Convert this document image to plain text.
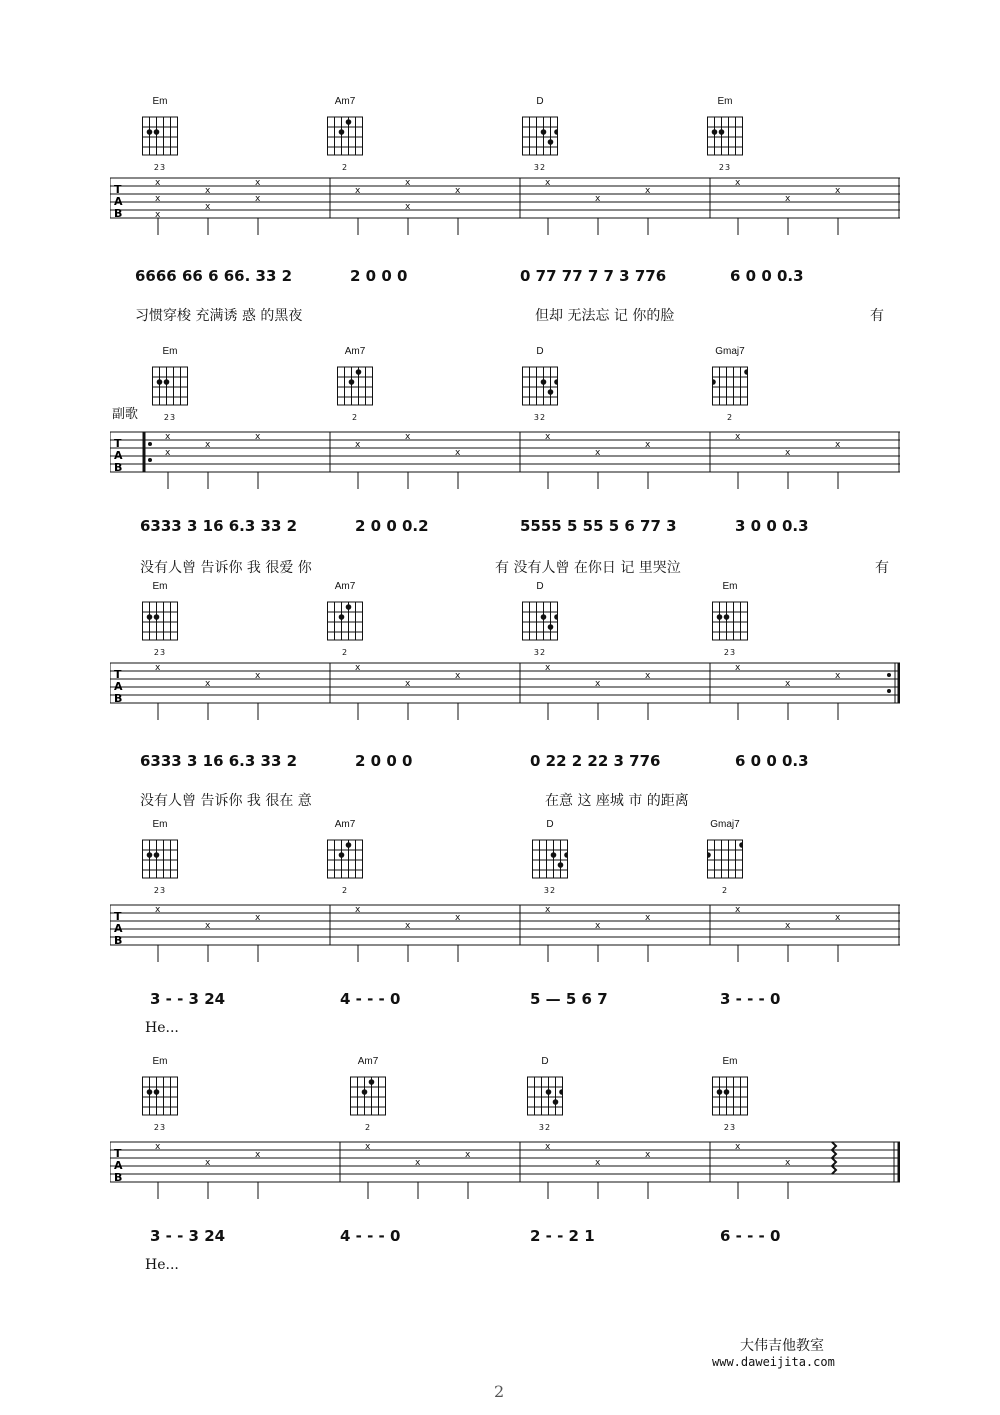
Em
23
Am7
2
D
32
Em
23
T
A
B
x
x
x
x
x
x
x
x
x
x
x
x
x
x
x
x
x
6666 66 6 66. 33 2	2 0 0 0	0 77 77 7 7 3 776	6 0 0 0.3
习惯穿梭 充满诱 惑 的黑夜	但却 无法忘 记 你的脸	有
副歌
Em
23
Am7
2
D
32
Gmaj7
2
T
A
B
x
x
x
x
x
x
x
x
x
x
x
x
x
6333 3 16 6.3 33 2	2 0 0 0.2	5555 5 55 5 6 77 3	3 0 0 0.3
没有人曾 告诉你 我 很爱 你	有 没有人曾 在你日 记 里哭泣	有
Em
23
Am7
2
D
32
Em
23
T
A
B
x
x
x
x
x
x
x
x
x
x
x
x
6333 3 16 6.3 33 2	2 0 0 0	0 22 2 22 3 776	6 0 0 0.3
没有人曾 告诉你 我 很在 意	在意 这 座城 市 的距离
Em
23
Am7
2
D
32
Gmaj7
2
T
A
B
x
x
x
x
x
x
x
x
x
x
x
x
3 - - 3 24	4 - - - 0	5 — 5 6 7	3 - - - 0
He...
Em
23
Am7
2
D
32
Em
23
T
A
B
x
x
x
x
x
x
x
x
x
x
x
3 - - 3 24	4 - - - 0	2 - - 2 1	6 - - - 0
He...
大伟吉他教室
www.daweijita.com
2
